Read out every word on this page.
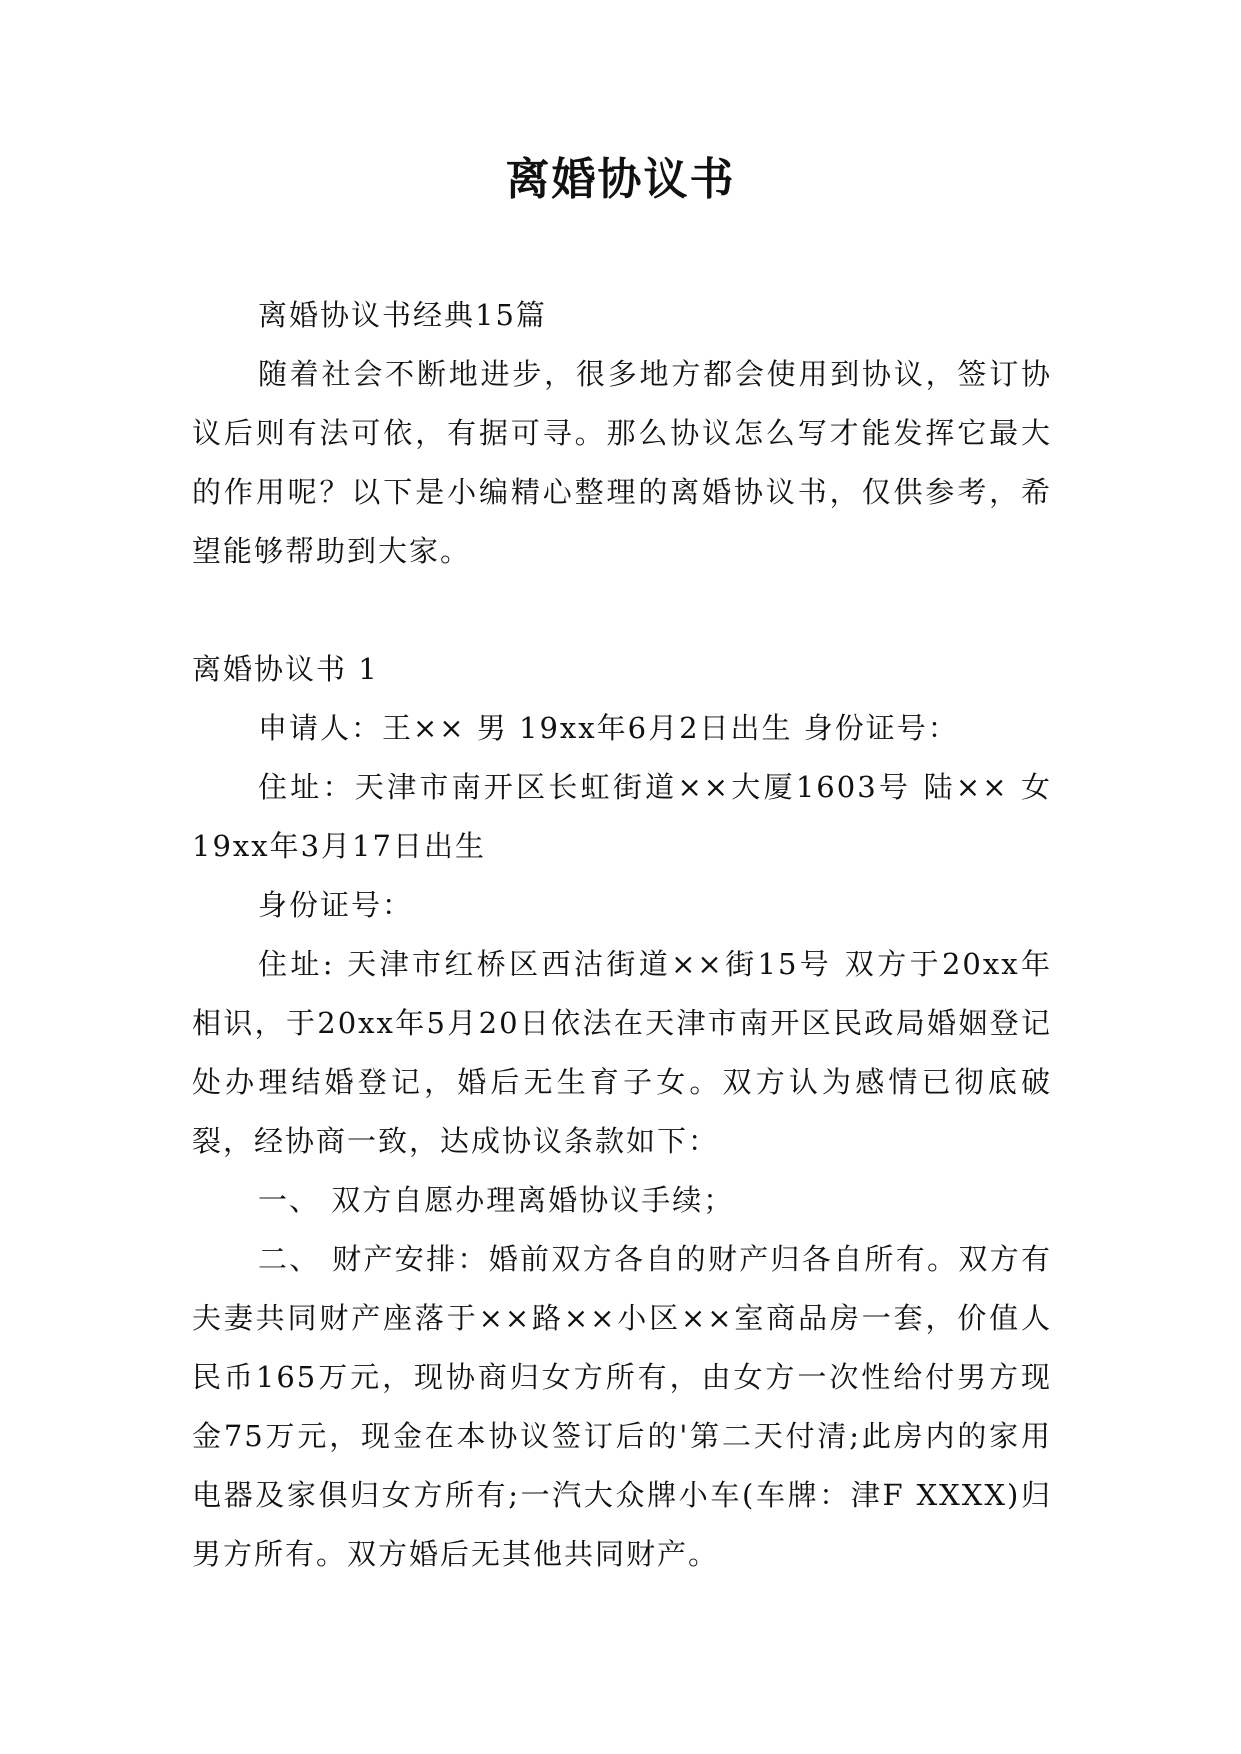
离婚协议书

离婚协议书经典15篇

随着社会不断地进步，很多地方都会使用到协议，签订协议后则有法可依，有据可寻。那么协议怎么写才能发挥它最大的作用呢？以下是小编精心整理的离婚协议书，仅供参考，希望能够帮助到大家。

离婚协议书 1

申请人：王×× 男 19xx年6月2日出生 身份证号：

住址：天津市南开区长虹街道××大厦1603号 陆×× 女 19xx年3月17日出生

身份证号：

住址: 天津市红桥区西沽街道××街15号 双方于20xx年相识，于20xx年5月20日依法在天津市南开区民政局婚姻登记处办理结婚登记，婚后无生育子女。双方认为感情已彻底破裂，经协商一致，达成协议条款如下：

一、 双方自愿办理离婚协议手续；

二、 财产安排：婚前双方各自的财产归各自所有。双方有夫妻共同财产座落于××路××小区××室商品房一套，价值人民币165万元，现协商归女方所有，由女方一次性给付男方现金75万元，现金在本协议签订后的'第二天付清;此房内的家用电器及家俱归女方所有;一汽大众牌小车(车牌：津F XXXX)归男方所有。双方婚后无其他共同财产。
